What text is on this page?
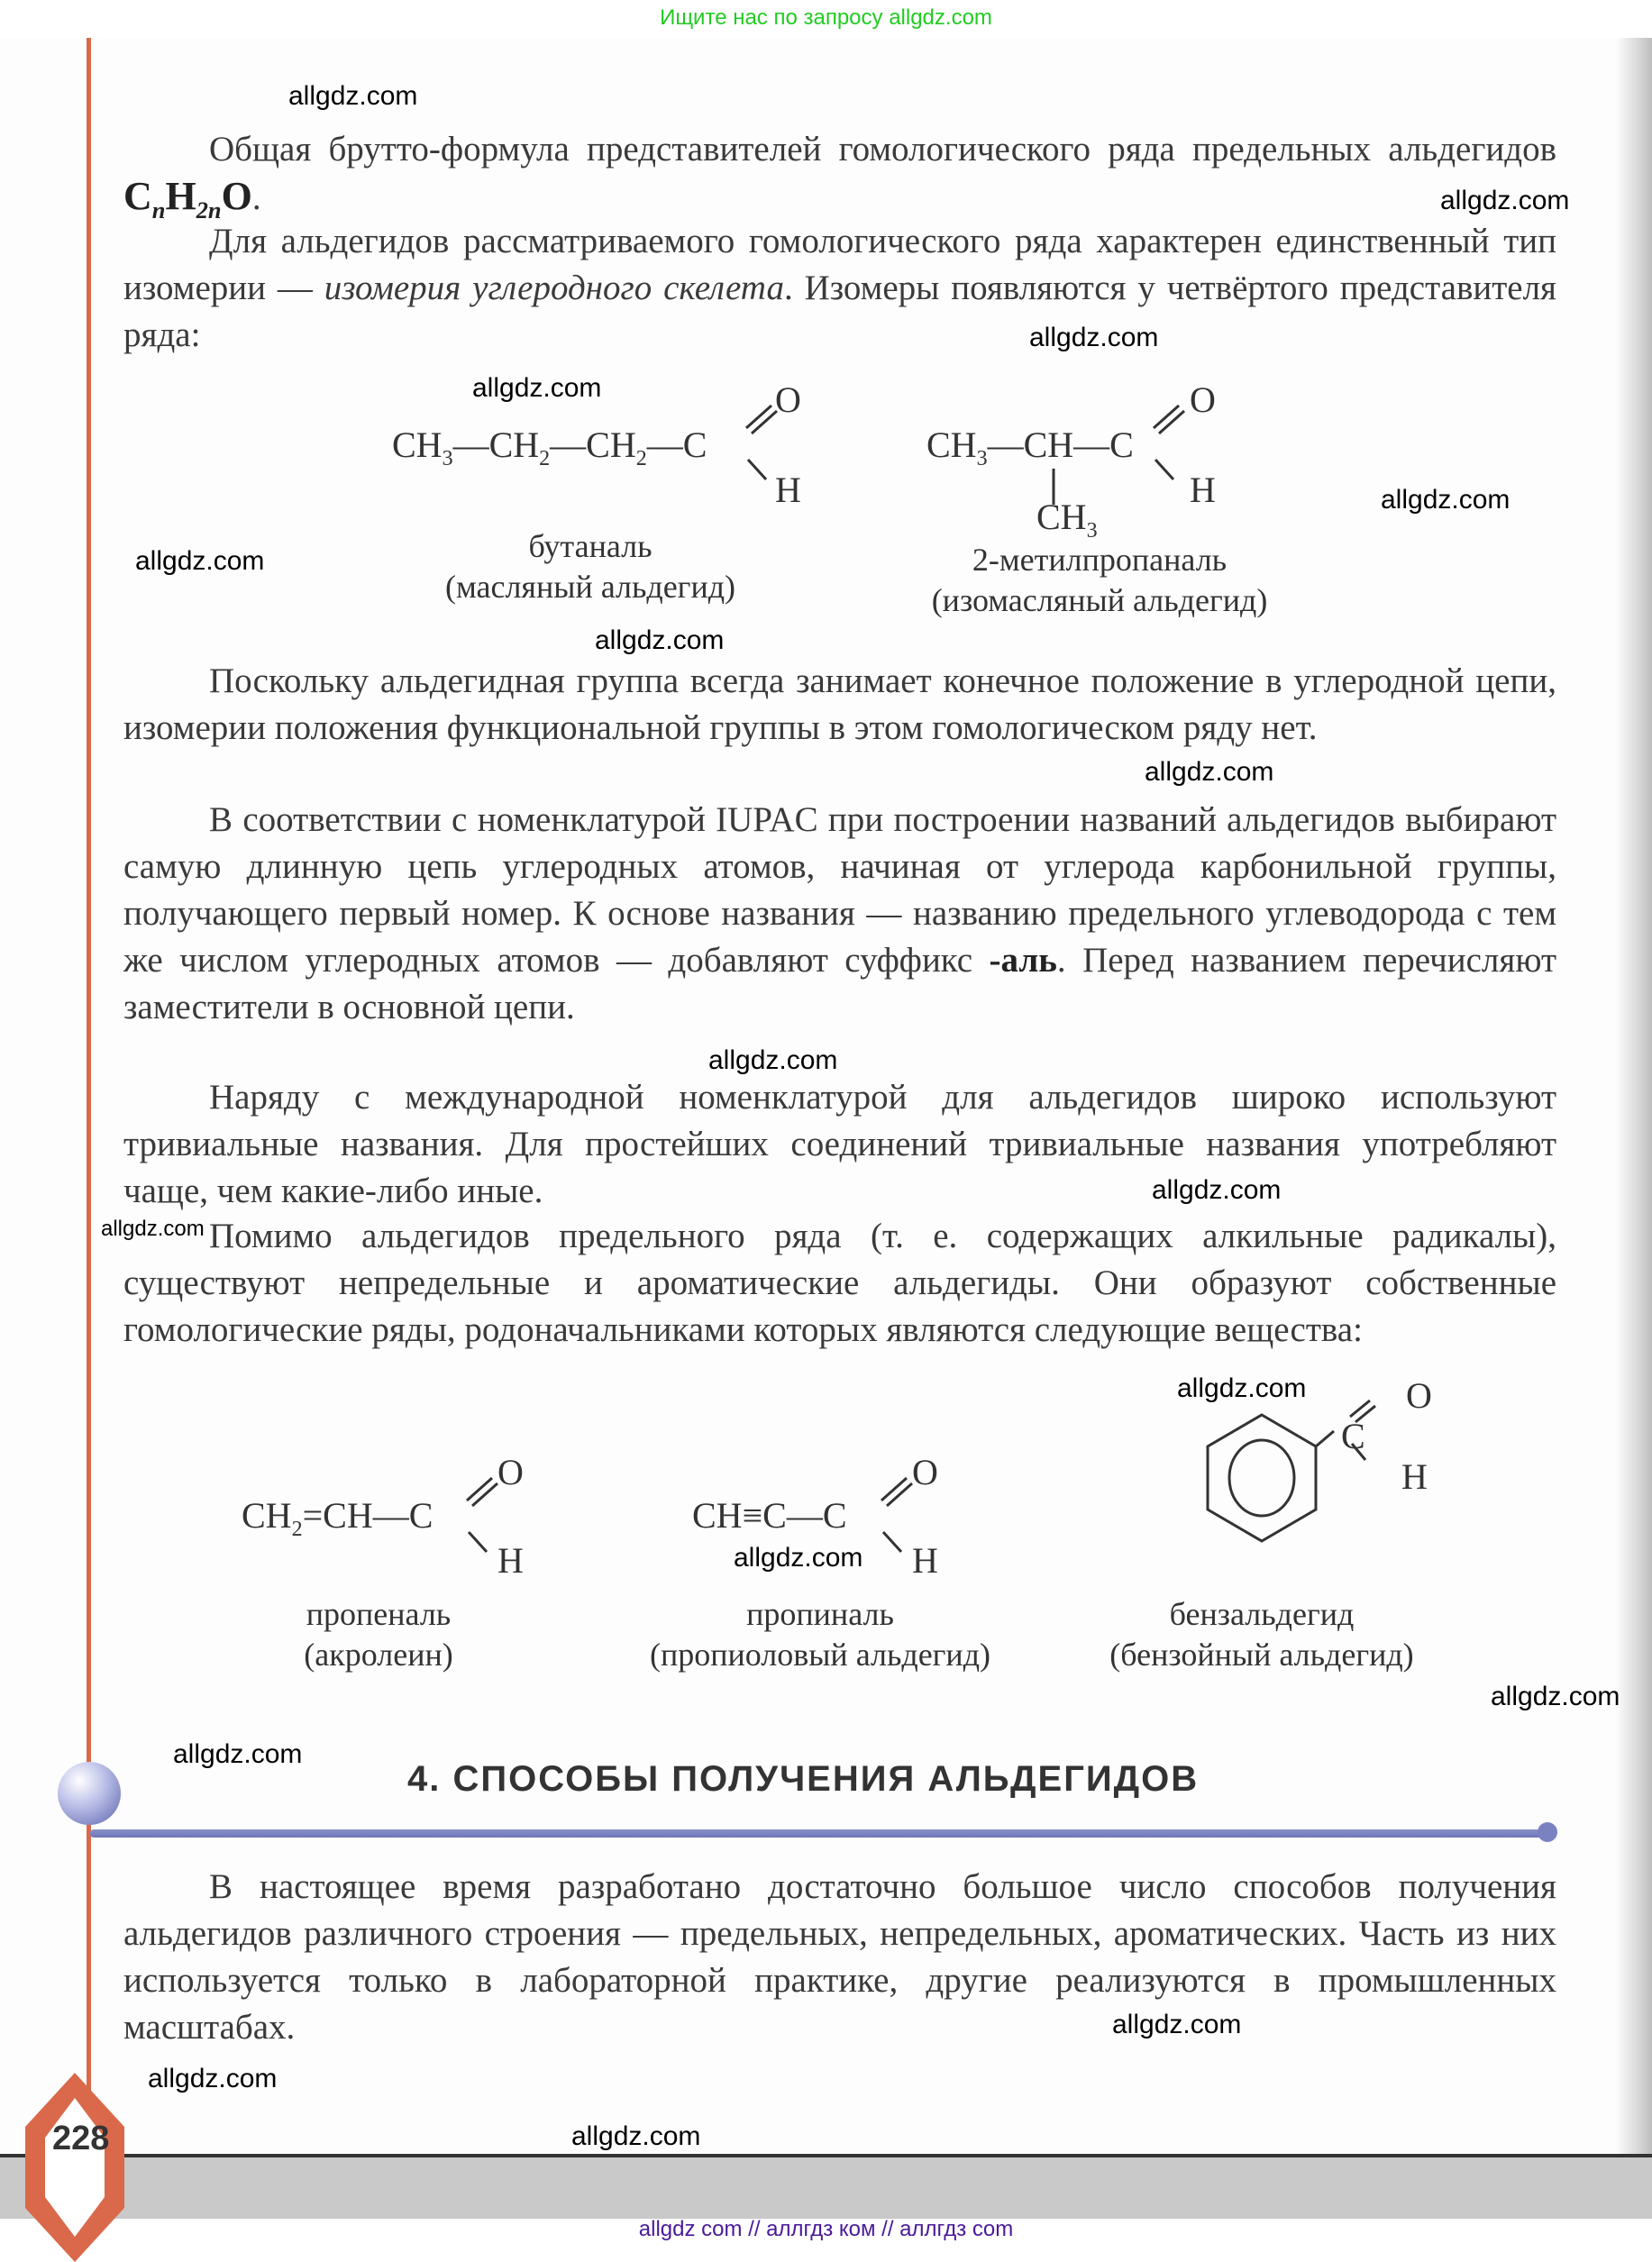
Ищите нас по запросу allgdz.com
Общая брутто-формула представителей гомологического ряда предельных альдегидов $C_nH_{2n}O$.
Для альдегидов рассматриваемого гомологического ряда характерен единственный тип изомерии — изомерия углеродного скелета. Изомеры появляются у четвёртого представителя ряда:
$CH_3—CH_2—CH_2—C$
O
H
бутаналь
(масляный альдегид)
$CH_3—CH—C$
O
H
$CH_3$
2-метилпропаналь
(изомасляный альдегид)
Поскольку альдегидная группа всегда занимает конечное положение в углеродной цепи, изомерии положения функциональной группы в этом гомологическом ряду нет.
В соответствии с номенклатурой IUPAC при построении названий альдегидов выбирают самую длинную цепь углеродных атомов, начиная от углерода карбонильной группы, получающего первый номер. К основе названия — названию предельного углеводорода с тем же числом углеродных атомов — добавляют суффикс -аль. Перед названием перечисляют заместители в основной цепи.
Наряду с международной номенклатурой для альдегидов широко используют тривиальные названия. Для простейших соединений тривиальные названия употребляют чаще, чем какие-либо иные.
Помимо альдегидов предельного ряда (т. е. содержащих алкильные радикалы), существуют непредельные и ароматические альдегиды. Они образуют собственные гомологические ряды, родоначальниками которых являются следующие вещества:
$CH_2=CH—C$
O
H
пропеналь
(акролеин)
CH≡C—C
O
H
пропиналь
(пропиоловый альдегид)
C
O
H
бензальдегид
(бензойный альдегид)
4. СПОСОБЫ ПОЛУЧЕНИЯ АЛЬДЕГИДОВ
В настоящее время разработано достаточно большое число способов получения альдегидов различного строения — предельных, непредельных, ароматических. Часть из них используется только в лабораторной практике, другие реализуются в промышленных масштабах.
228
allgdz.com
allgdz.com
allgdz.com
allgdz.com
allgdz.com
allgdz.com
allgdz.com
allgdz.com
allgdz.com
allgdz.com
allgdz.com
allgdz.com
allgdz.com
allgdz.com
allgdz.com
allgdz.com
allgdz.com
allgdz.com
allgdz com // аллгдз ком // аллгдз com
